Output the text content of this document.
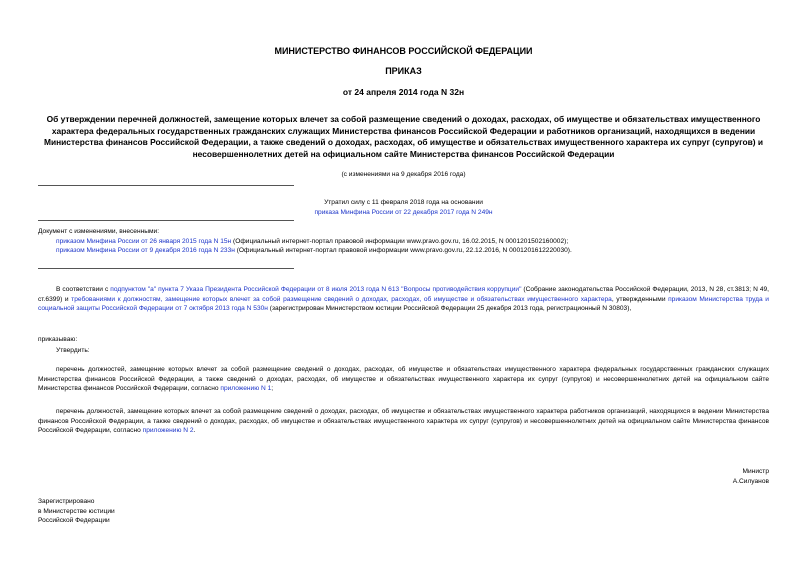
МИНИСТЕРСТВО ФИНАНСОВ РОССИЙСКОЙ ФЕДЕРАЦИИ
ПРИКАЗ
от 24 апреля 2014 года N 32н
Об утверждении перечней должностей, замещение которых влечет за собой размещение сведений о доходах, расходах, об имуществе и обязательствах имущественного характера федеральных государственных гражданских служащих Министерства финансов Российской Федерации и работников организаций, находящихся в ведении Министерства финансов Российской Федерации, а также сведений о доходах, расходах, об имуществе и обязательствах имущественного характера их супруг (супругов) и несовершеннолетних детей на официальном сайте Министерства финансов Российской Федерации
(с изменениями на 9 декабря 2016 года)
Утратил силу с 11 февраля 2018 года на основании
приказа Минфина России от 22 декабря 2017 года N 249н
Документ с изменениями, внесенными:
приказом Минфина России от 26 января 2015 года N 15н (Официальный интернет-портал правовой информации www.pravo.gov.ru, 16.02.2015, N 0001201502160002);
приказом Минфина России от 9 декабря 2016 года N 233н (Официальный интернет-портал правовой информации www.pravo.gov.ru, 22.12.2016, N 0001201612220030).
В соответствии с подпунктом "а" пункта 7 Указа Президента Российской Федерации от 8 июля 2013 года N 613 "Вопросы противодействия коррупции" (Собрание законодательства Российской Федерации, 2013, N 28, ст.3813; N 49, ст.6399) и требованиями к должностям, замещение которых влечет за собой размещение сведений о доходах, расходах, об имуществе и обязательствах имущественного характера, утвержденными приказом Министерства труда и социальной защиты Российской Федерации от 7 октября 2013 года N 530н (зарегистрирован Министерством юстиции Российской Федерации 25 декабря 2013 года, регистрационный N 30803),
приказываю:
Утвердить:
перечень должностей, замещение которых влечет за собой размещение сведений о доходах, расходах, об имуществе и обязательствах имущественного характера федеральных государственных гражданских служащих Министерства финансов Российской Федерации, а также сведений о доходах, расходах, об имуществе и обязательствах имущественного характера их супруг (супругов) и несовершеннолетних детей на официальном сайте Министерства финансов Российской Федерации, согласно приложению N 1;
перечень должностей, замещение которых влечет за собой размещение сведений о доходах, расходах, об имуществе и обязательствах имущественного характера работников организаций, находящихся в ведении Министерства финансов Российской Федерации, а также сведений о доходах, расходах, об имуществе и обязательствах имущественного характера их супруг (супругов) и несовершеннолетних детей на официальном сайте Министерства финансов Российской Федерации, согласно приложению N 2.
Министр
А.Силуанов
Зарегистрировано
в Министерстве юстиции
Российской Федерации
